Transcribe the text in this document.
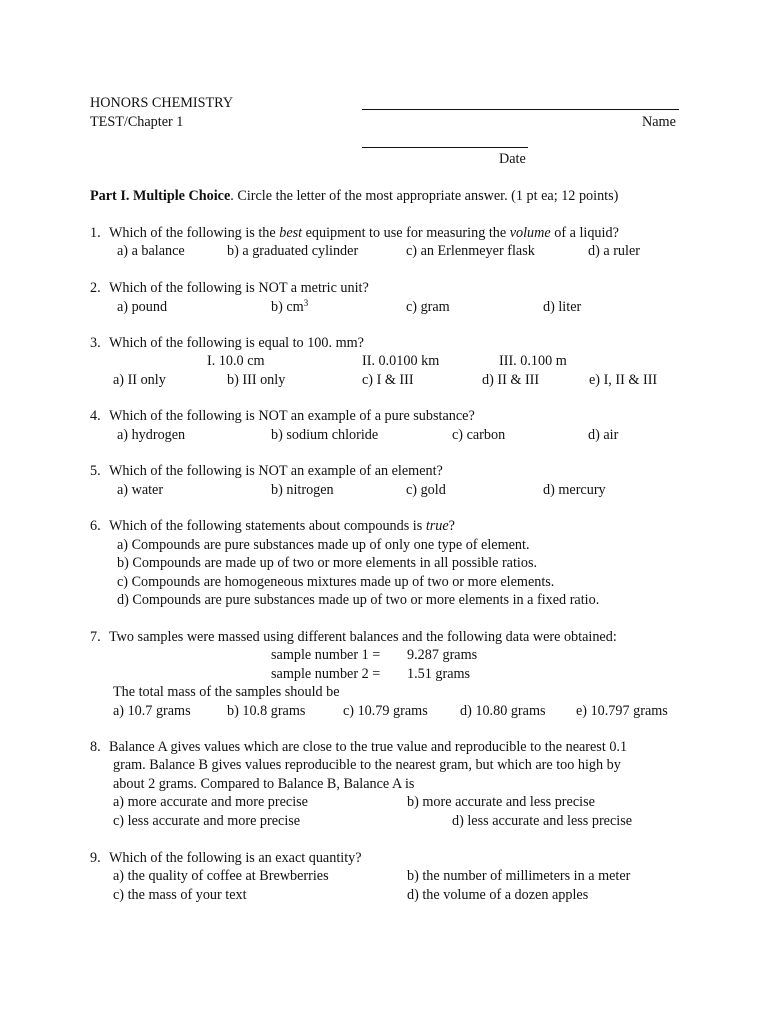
HONORS CHEMISTRY
TEST/Chapter 1	Name
Date
Part I. Multiple Choice. Circle the letter of the most appropriate answer. (1 pt ea; 12 points)
1. Which of the following is the best equipment to use for measuring the volume of a liquid?
a) a balance	b) a graduated cylinder	c) an Erlenmeyer flask	d) a ruler
2. Which of the following is NOT a metric unit?
a) pound	b) $cm^3$	c) gram	d) liter
3. Which of the following is equal to 100. mm?
I. 10.0 cm	II. 0.0100 km	III. 0.100 m
a) II only	b) III only	c) I & III	d) II & III	e) I, II & III
4. Which of the following is NOT an example of a pure substance?
a) hydrogen	b) sodium chloride	c) carbon	d) air
5. Which of the following is NOT an example of an element?
a) water	b) nitrogen	c) gold	d) mercury
6. Which of the following statements about compounds is true?
a) Compounds are pure substances made up of only one type of element.
b) Compounds are made up of two or more elements in all possible ratios.
c) Compounds are homogeneous mixtures made up of two or more elements.
d) Compounds are pure substances made up of two or more elements in a fixed ratio.
7. Two samples were massed using different balances and the following data were obtained:
sample number 1 = 9.287 grams
sample number 2 = 1.51 grams
The total mass of the samples should be
a) 10.7 grams	b) 10.8 grams	c) 10.79 grams d) 10.80 grams e) 10.797 grams
8. Balance A gives values which are close to the true value and reproducible to the nearest 0.1
gram. Balance B gives values reproducible to the nearest gram, but which are too high by
about 2 grams. Compared to Balance B, Balance A is
a) more accurate and more precise	b) more accurate and less precise
c) less accurate and more precise	d) less accurate and less precise
9. Which of the following is an exact quantity?
a) the quality of coffee at Brewberries	b) the number of millimeters in a meter
c) the mass of your text	d) the volume of a dozen apples
